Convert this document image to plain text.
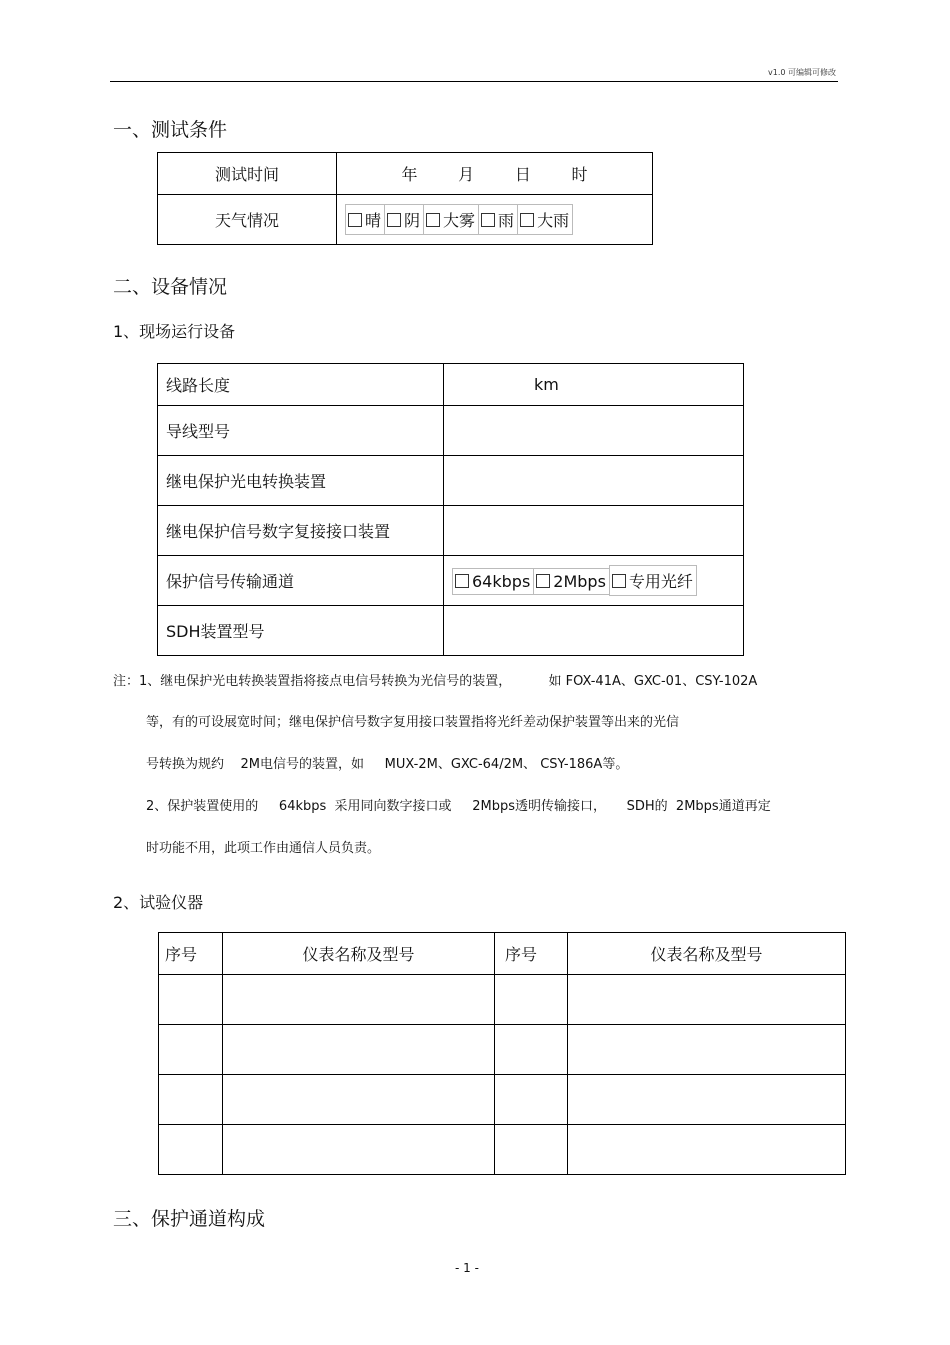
v1.0 可编辑可修改
一、测试条件
测试时间	年        月        日        时
天气情况	晴 阴 大雾 雨 大雨
二、设备情况
1、现场运行设备
线路长度	km
导线型号	
继电保护光电转换装置	
继电保护信号数字复接接口装置	
保护信号传输通道	64kbps 2Mbps 专用光纤
SDH装置型号	
注：1、继电保护光电转换装置指将接点电信号转换为光信号的装置，         如 FOX-41A、GXC-01、CSY-102A
等，有的可设展宽时间；继电保护信号数字复用接口装置指将光纤差动保护装置等出来的光信
号转换为规约    2M电信号的装置，如     MUX-2M、GXC-64/2M、 CSY-186A等。
2、保护装置使用的     64kbps  采用同向数字接口或     2Mbps透明传输接口，     SDH的  2Mbps通道再定
时功能不用，此项工作由通信人员负责。
2、试验仪器
序号	仪表名称及型号	序号	仪表名称及型号

三、保护通道构成
- 1 -
